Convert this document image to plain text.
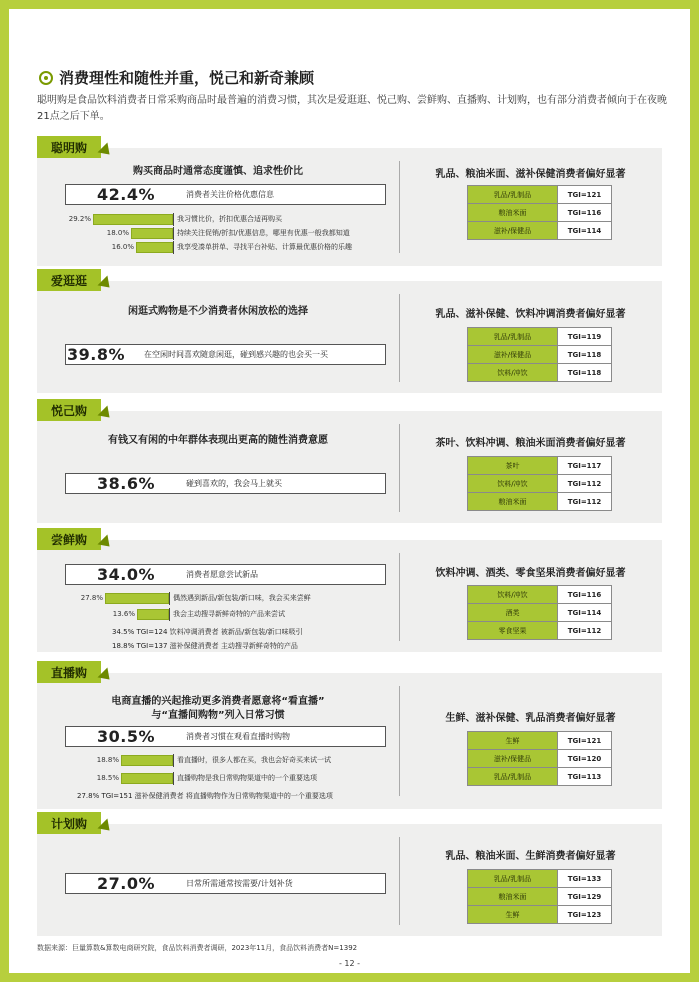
消费理性和随性并重，悦己和新奇兼顾
聪明购是食品饮料消费者日常采购商品时最普遍的消费习惯，其次是爱逛逛、悦己购、尝鲜购、直播购、计划购，也有部分消费者倾向于在夜晚21点之后下单。
聪明购
购买商品时通常态度谨慎、追求性价比
42.4%	消费者关注价格优惠信息
29.2%	我习惯比价，折扣优惠合适再购买
18.0%	持续关注促销/折扣/优惠信息，哪里有优惠一般我都知道
16.0%	我享受凑单拼单、寻找平台补贴、计算最优惠价格的乐趣
乳品、粮油米面、滋补保健消费者偏好显著
乳品/乳制品	TGI=121
粮油米面	TGI=116
滋补/保健品	TGI=114
爱逛逛
闲逛式购物是不少消费者休闲放松的选择
39.8% 在空闲时间喜欢随意闲逛，碰到感兴趣的也会买一买
乳品、滋补保健、饮料冲调消费者偏好显著
乳品/乳制品	TGI=119
滋补/保健品	TGI=118
饮料/冲饮	TGI=118
悦己购
有钱又有闲的中年群体表现出更高的随性消费意愿
38.6%	碰到喜欢的，我会马上就买
茶叶、饮料冲调、粮油米面消费者偏好显著
茶叶	TGI=117
饮料/冲饮	TGI=112
粮油米面	TGI=112
尝鲜购
34.0%	消费者愿意尝试新品
27.8%	偶然遇到新品/新包装/新口味，我会买来尝鲜
13.6%	我会主动搜寻新鲜奇特的产品来尝试
34.5% TGI=124 饮料冲调消费者 被新品/新包装/新口味吸引
18.8% TGI=137 滋补保健消费者 主动搜寻新鲜奇特的产品
饮料冲调、酒类、零食坚果消费者偏好显著
饮料/冲饮	TGI=116
酒类	TGI=114
零食坚果	TGI=112
直播购
电商直播的兴起推动更多消费者愿意将“看直播”
与“直播间购物”列入日常习惯
30.5%	消费者习惯在观看直播时购物
18.8%	看直播时，很多人都在买，我也会好奇买来试一试
18.5%	直播购物是我日常购物渠道中的一个重要选项
27.8% TGI=151 滋补保健消费者 将直播购物作为日常购物渠道中的一个重要选项
生鲜、滋补保健、乳品消费者偏好显著
生鲜	TGI=121
滋补/保健品	TGI=120
乳品/乳制品	TGI=113
计划购
27.0%	日常所需通常按需要/计划补货
乳品、粮油米面、生鲜消费者偏好显著
乳品/乳制品	TGI=133
粮油米面	TGI=129
生鲜	TGI=123
数据来源：巨量算数&算数电商研究院，食品饮料消费者调研，2023年11月，食品饮料消费者N=1392
- 12 -
